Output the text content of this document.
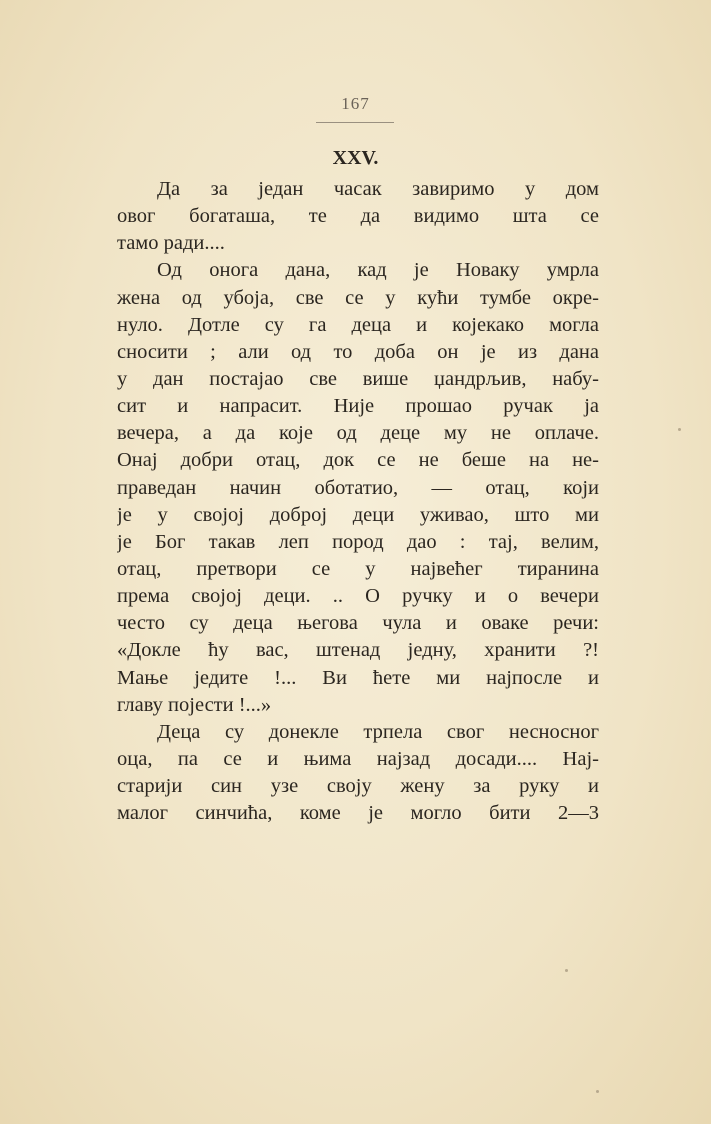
167
XXV.
Да за један часак завиримо у дом
овог богаташа, те да видимо шта се
тамо ради....
Од онога дана, кад је Новаку умрла
жена од убоја, све се у кући тумбе окре-
нуло. Дотле су га деца и којекако могла
сносити ; али од то доба он је из дана
у дан постајао све више џандрљив, набу-
сит и напрасит. Није прошао ручак ја
вечера, а да које од деце му не оплаче.
Онај добри отац, док се не беше на не-
праведан начин оботатио, — отац, који
је у својој доброј деци уживао, што ми
је Бог такав леп пород дао : тај, велим,
отац, претвори се у највећег тиранина
према својој деци. .. О ручку и о вечери
често су деца његова чула и оваке речи:
«Докле ћу вас, штенад једну, хранити ?!
Мање једите !... Ви ћете ми најпосле и
главу појести !...»
Деца су донекле трпела свог несносног
оца, па се и њима најзад досади.... Нај-
старији син узе своју жену за руку и
малог синчића, коме је могло бити 2—3
